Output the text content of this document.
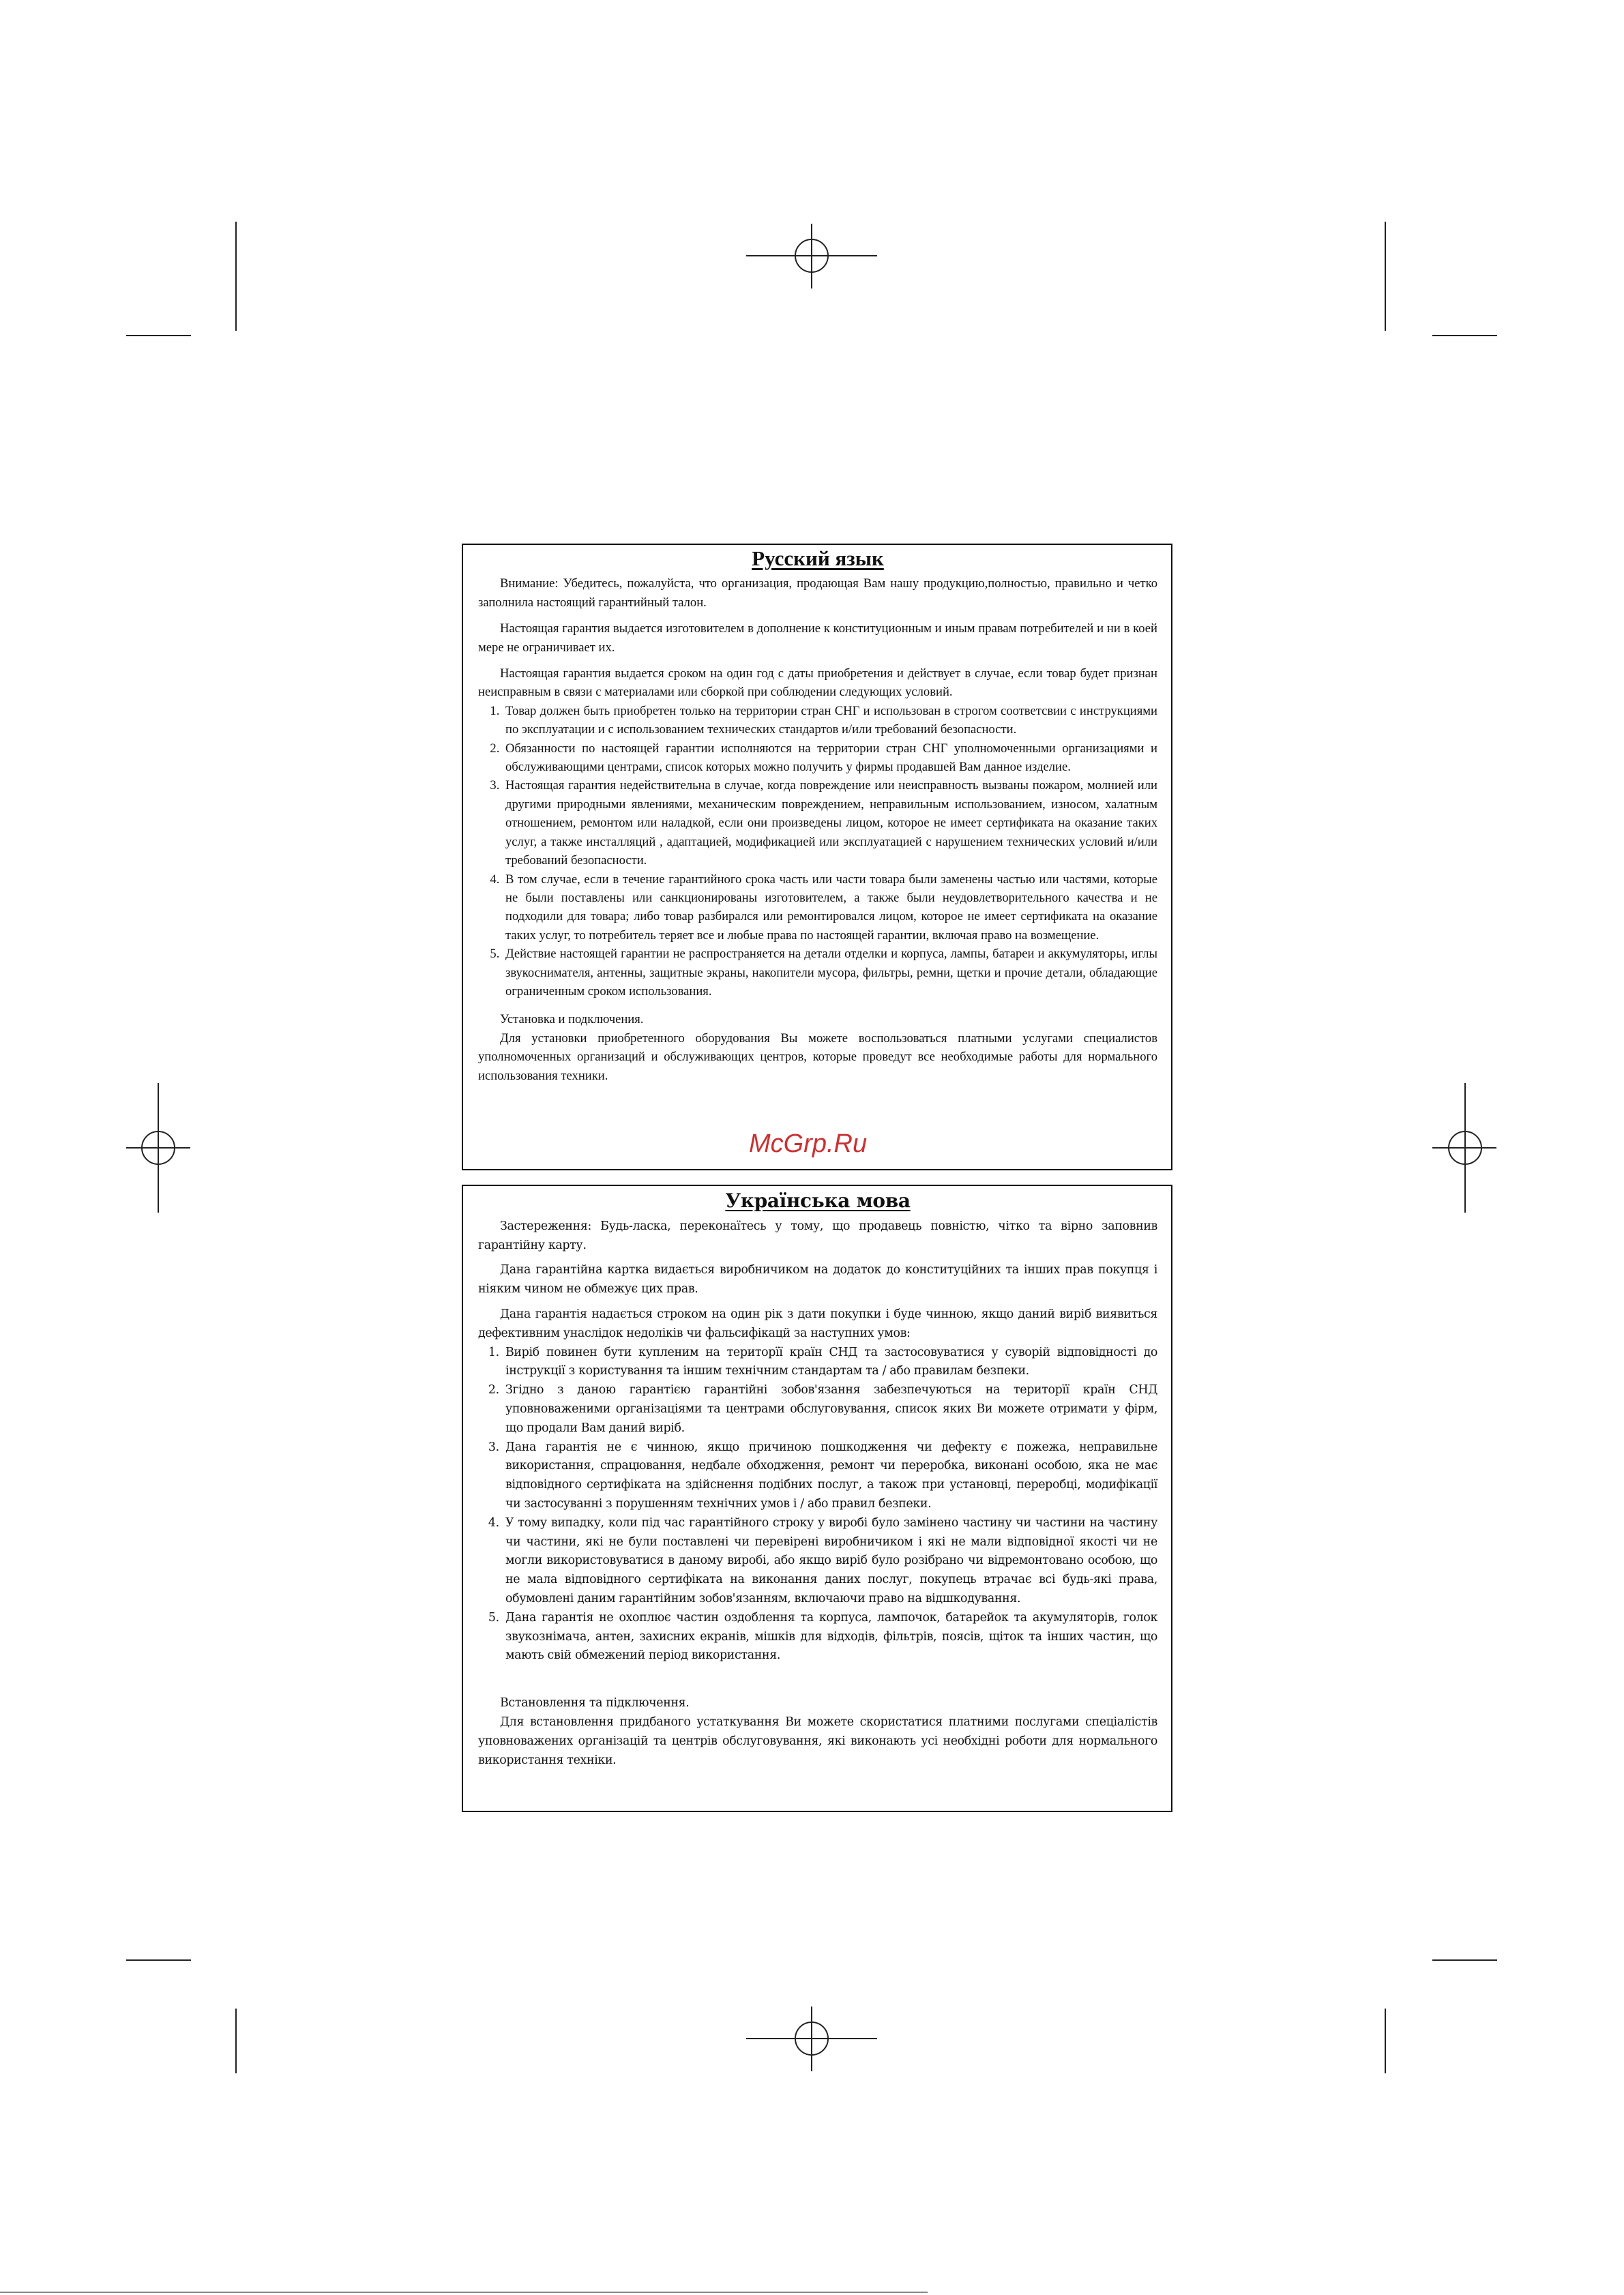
Русский язык

Внимание: Убедитесь, пожалуйста, что организация, продающая Вам нашу продукцию,полностью, правильно и четко заполнила настоящий гарантийный талон.

Настоящая гарантия выдается изготовителем в дополнение к конституционным и иным правам потребителей и ни в коей мере не ограничивает их.

Настоящая гарантия выдается сроком на один год с даты приобретения и действует в случае, если товар будет признан неисправным в связи с материалами или сборкой при соблюдении следующих условий.

1. Товар должен быть приобретен только на территории стран СНГ и использован в строгом соответсвии с инструкциями по эксплуатации и с использованием технических стандартов и/или требований безопасности.
2. Обязанности по настоящей гарантии исполняются на территории стран СНГ уполномоченными организациями и обслуживающими центрами, список которых можно получить у фирмы продавшей Вам данное изделие.
3. Настоящая гарантия недействительна в случае, когда повреждение или неисправность вызваны пожаром, молнией или другими природными явлениями, механическим повреждением, неправильным использованием, износом, халатным отношением, ремонтом или наладкой, если они произведены лицом, которое не имеет сертификата на оказание таких услуг, а также инсталляций , адаптацией, модификацией или эксплуатацией с нарушением технических условий и/или требований безопасности.
4. В том случае, если в течение гарантийного срока часть или части товара были заменены частью или частями, которые не были поставлены или санкционированы изготовителем, а также были неудовлетворительного качества и не подходили для товара; либо товар разбирался или ремонтировался лицом, которое не имеет сертификата на оказание таких услуг, то потребитель теряет все и любые права по настоящей гарантии, включая право на возмещение.
5. Действие настоящей гарантии не распространяется на детали отделки и корпуса, лампы, батареи и аккумуляторы, иглы звукоснимателя, антенны, защитные экраны, накопители мусора, фильтры, ремни, щетки и прочие детали, обладающие ограниченным сроком использования.

Установка и подключения.

Для установки приобретенного оборудования Вы можете воспользоваться платными услугами специалистов уполномоченных организаций и обслуживающих центров, которые проведут все необходимые работы для нормального использования техники.

Українська мова

Застереження: Будь-ласка, переконаїтесь у тому, що продавець повністю, чітко та вірно заповнив гарантійну карту.

Дана гарантійна картка видається виробничиком на додаток до конституційних та інших прав покупця і ніяким чином не обмежує цих прав.

Дана гарантія надається строком на один рік з дати покупки і буде чинною, якщо даний виріб виявиться дефективним унаслідок недоліків чи фальсифікацй за наступних умов:

1. Виріб повинен бути купленим на територїї країн СНД та застосовуватися у суворій відповідності до інструкції з користування та іншим технічним стандартам та / або правилам безпеки.
2. Згідно з даною гарантією гарантійні зобов'язання забезпечуються на територїї країн СНД уповноваженими організаціями та центрами обслуговування, список яких Ви можете отримати у фірм, що продали Вам даний виріб.
3. Дана гарантія не є чинною, якщо причиною пошкодження чи дефекту є пожежа, неправильне використання, спрацювання, недбале обходження, ремонт чи переробка, виконані особою, яка не має відповідного сертифіката на здійснення подібних послуг, а також при установці, переробці, модифікації чи застосуванні з порушенням технічних умов і / або правил безпеки.
4. У тому випадку, коли під час гарантійного строку у виробі було замінено частину чи частини на частину чи частини, які не були поставлені чи перевірені виробничиком і які не мали відповідної якості чи не могли використовуватися в даному виробі, або якщо виріб було розібрано чи відремонтовано особою, що не мала відповідного сертифіката на виконання даних послуг, покупець втрачає всі будь-які права, обумовлені даним гарантійним зобов'язанням, включаючи право на відшкодування.
5. Дана гарантія не охоплює частин оздоблення та корпуса, лампочок, батарейок та акумуляторів, голок звукознімача, антен, захисних екранів, мішків для відходів, фільтрів, поясів, щіток та інших частин, що мають свій обмежений період використання.

Встановлення та підключення.

Для встановлення придбаного устаткування Ви можете скористатися платними послугами спеціалістів уповноважених організацій та центрів обслуговування, які виконають усі необхідні роботи для нормального використання техніки.

McGrp.Ru
